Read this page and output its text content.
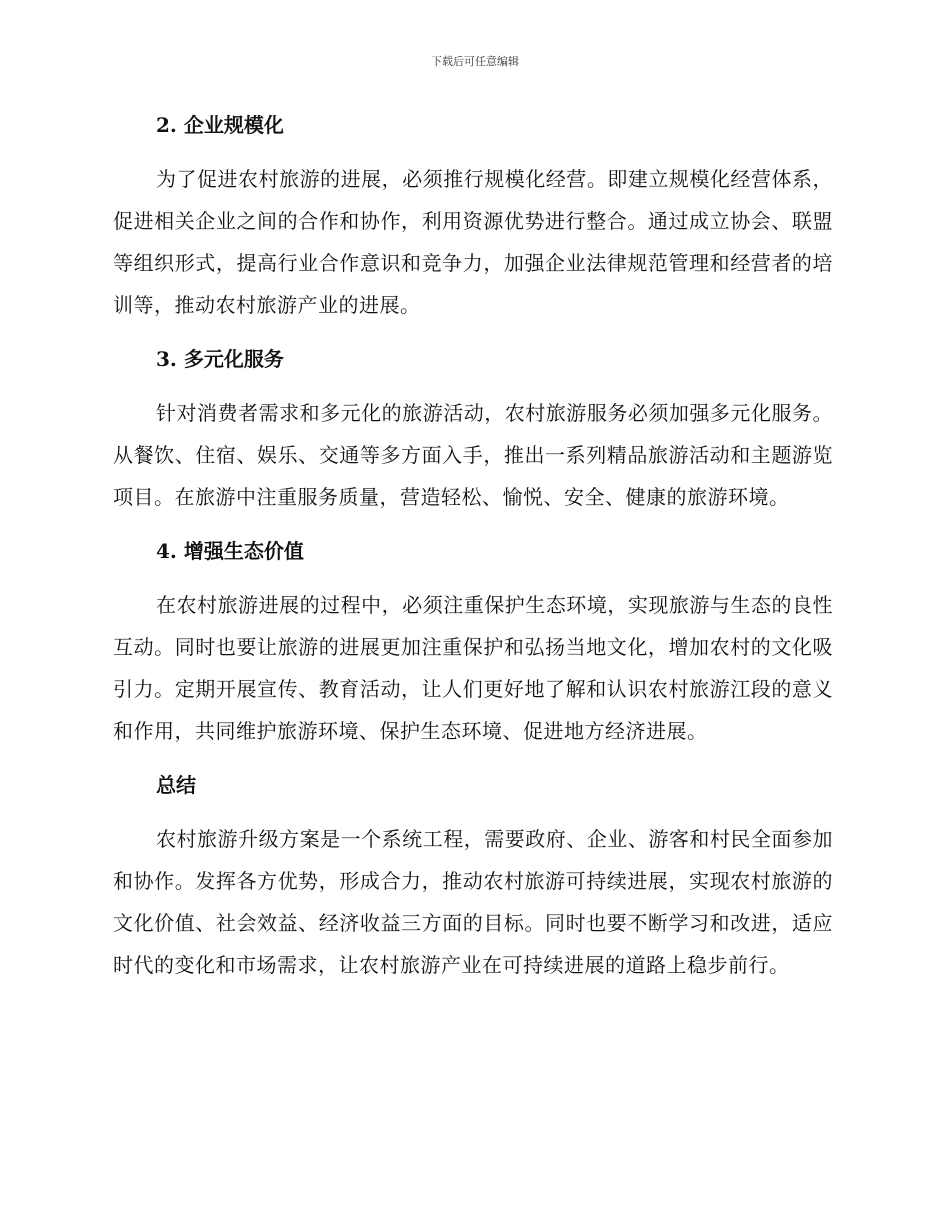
下载后可任意编辑
2. 企业规模化

为了促进农村旅游的进展，必须推行规模化经营。即建立规模化经营体系，促进相关企业之间的合作和协作，利用资源优势进行整合。通过成立协会、联盟等组织形式，提高行业合作意识和竞争力，加强企业法律规范管理和经营者的培训等，推动农村旅游产业的进展。

3. 多元化服务

针对消费者需求和多元化的旅游活动，农村旅游服务必须加强多元化服务。从餐饮、住宿、娱乐、交通等多方面入手，推出一系列精品旅游活动和主题游览项目。在旅游中注重服务质量，营造轻松、愉悦、安全、健康的旅游环境。

4. 增强生态价值

在农村旅游进展的过程中，必须注重保护生态环境，实现旅游与生态的良性互动。同时也要让旅游的进展更加注重保护和弘扬当地文化，增加农村的文化吸引力。定期开展宣传、教育活动，让人们更好地了解和认识农村旅游江段的意义和作用，共同维护旅游环境、保护生态环境、促进地方经济进展。

总结

农村旅游升级方案是一个系统工程，需要政府、企业、游客和村民全面参加和协作。发挥各方优势，形成合力，推动农村旅游可持续进展，实现农村旅游的文化价值、社会效益、经济收益三方面的目标。同时也要不断学习和改进，适应时代的变化和市场需求，让农村旅游产业在可持续进展的道路上稳步前行。
